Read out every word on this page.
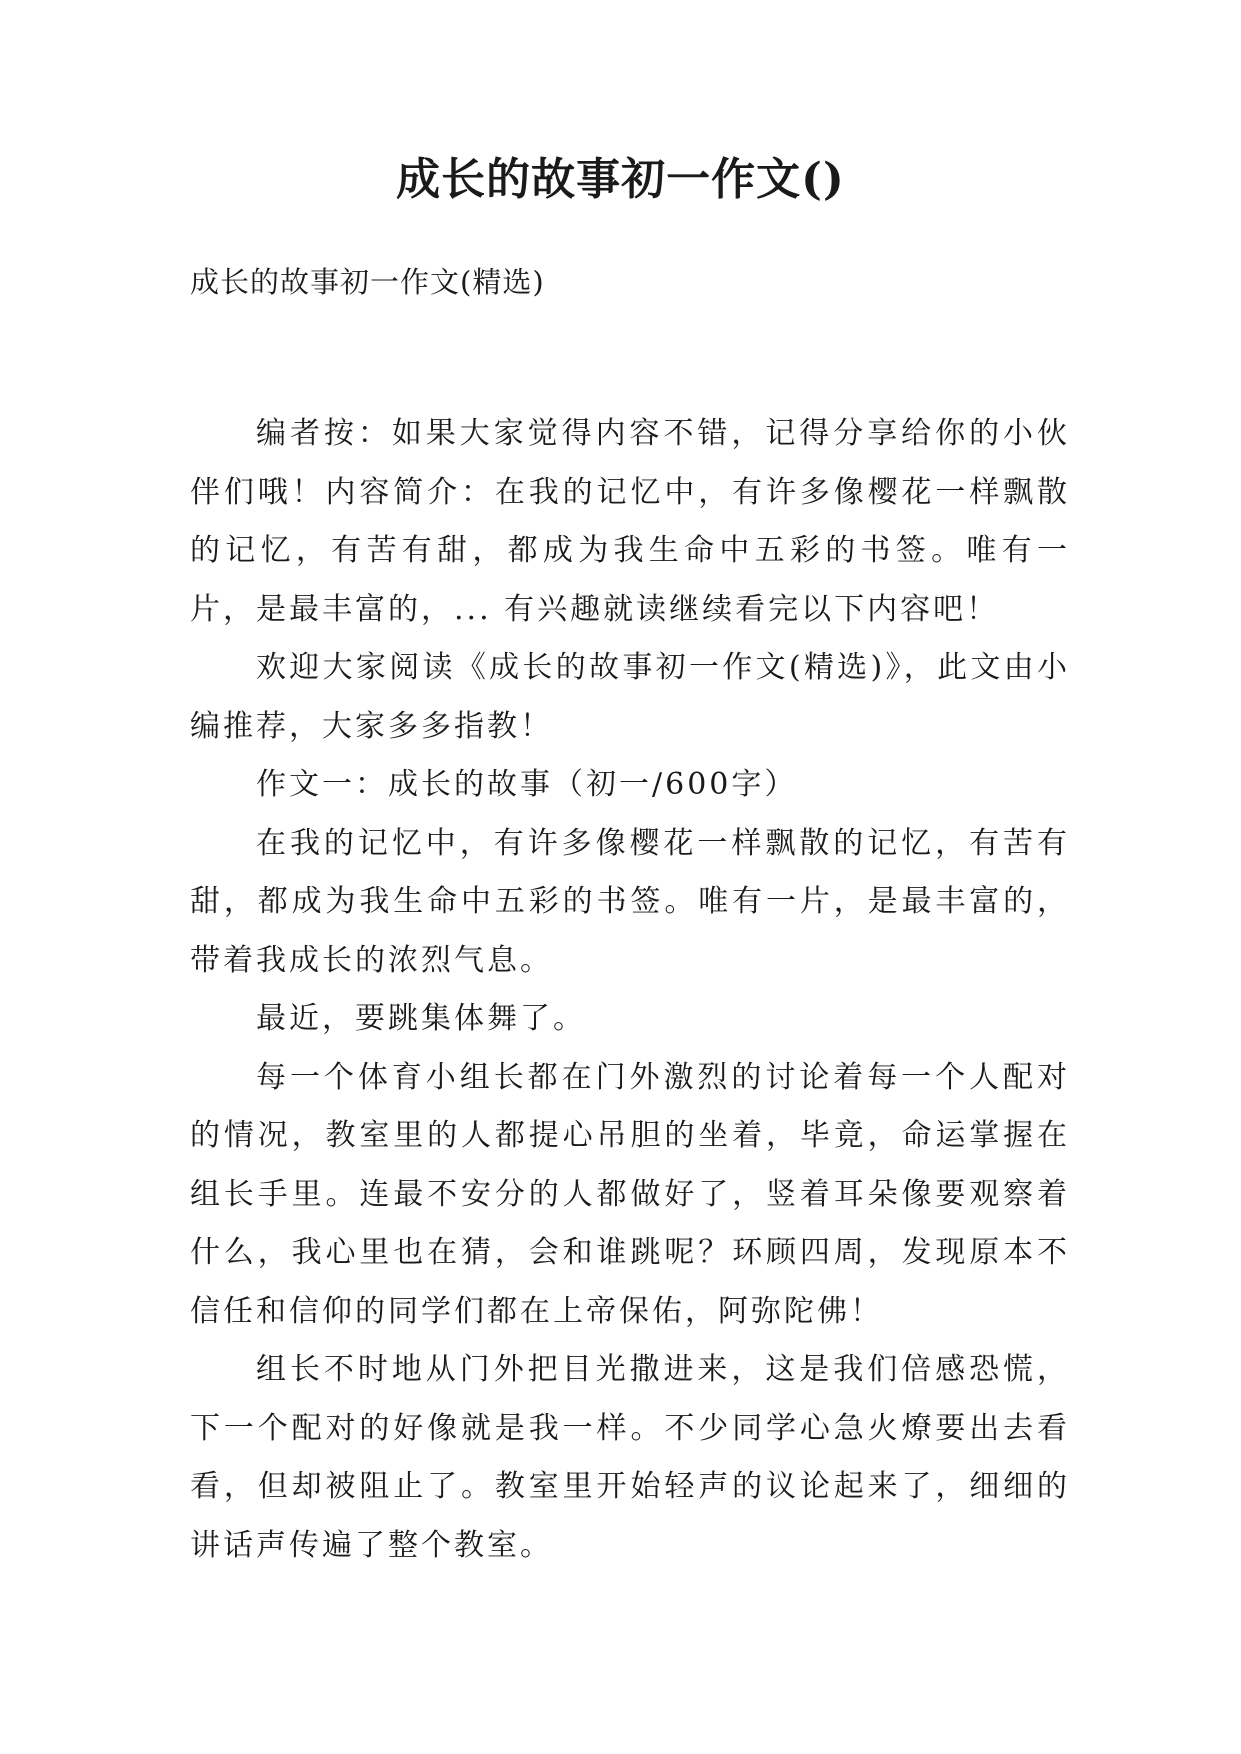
成长的故事初一作文()

成长的故事初一作文(精选)

编者按：如果大家觉得内容不错，记得分享给你的小伙伴们哦！内容简介：在我的记忆中，有许多像樱花一样飘散的记忆，有苦有甜，都成为我生命中五彩的书签。唯有一片，是最丰富的，... 有兴趣就读继续看完以下内容吧！

欢迎大家阅读《成长的故事初一作文(精选)》，此文由小编推荐，大家多多指教！

作文一：成长的故事（初一/600字）

在我的记忆中，有许多像樱花一样飘散的记忆，有苦有甜，都成为我生命中五彩的书签。唯有一片，是最丰富的，带着我成长的浓烈气息。

最近，要跳集体舞了。

每一个体育小组长都在门外激烈的讨论着每一个人配对的情况，教室里的人都提心吊胆的坐着，毕竟，命运掌握在组长手里。连最不安分的人都做好了，竖着耳朵像要观察着什么，我心里也在猜，会和谁跳呢？环顾四周，发现原本不信任和信仰的同学们都在上帝保佑，阿弥陀佛！

组长不时地从门外把目光撒进来，这是我们倍感恐慌，下一个配对的好像就是我一样。不少同学心急火燎要出去看看，但却被阻止了。教室里开始轻声的议论起来了，细细的讲话声传遍了整个教室。
